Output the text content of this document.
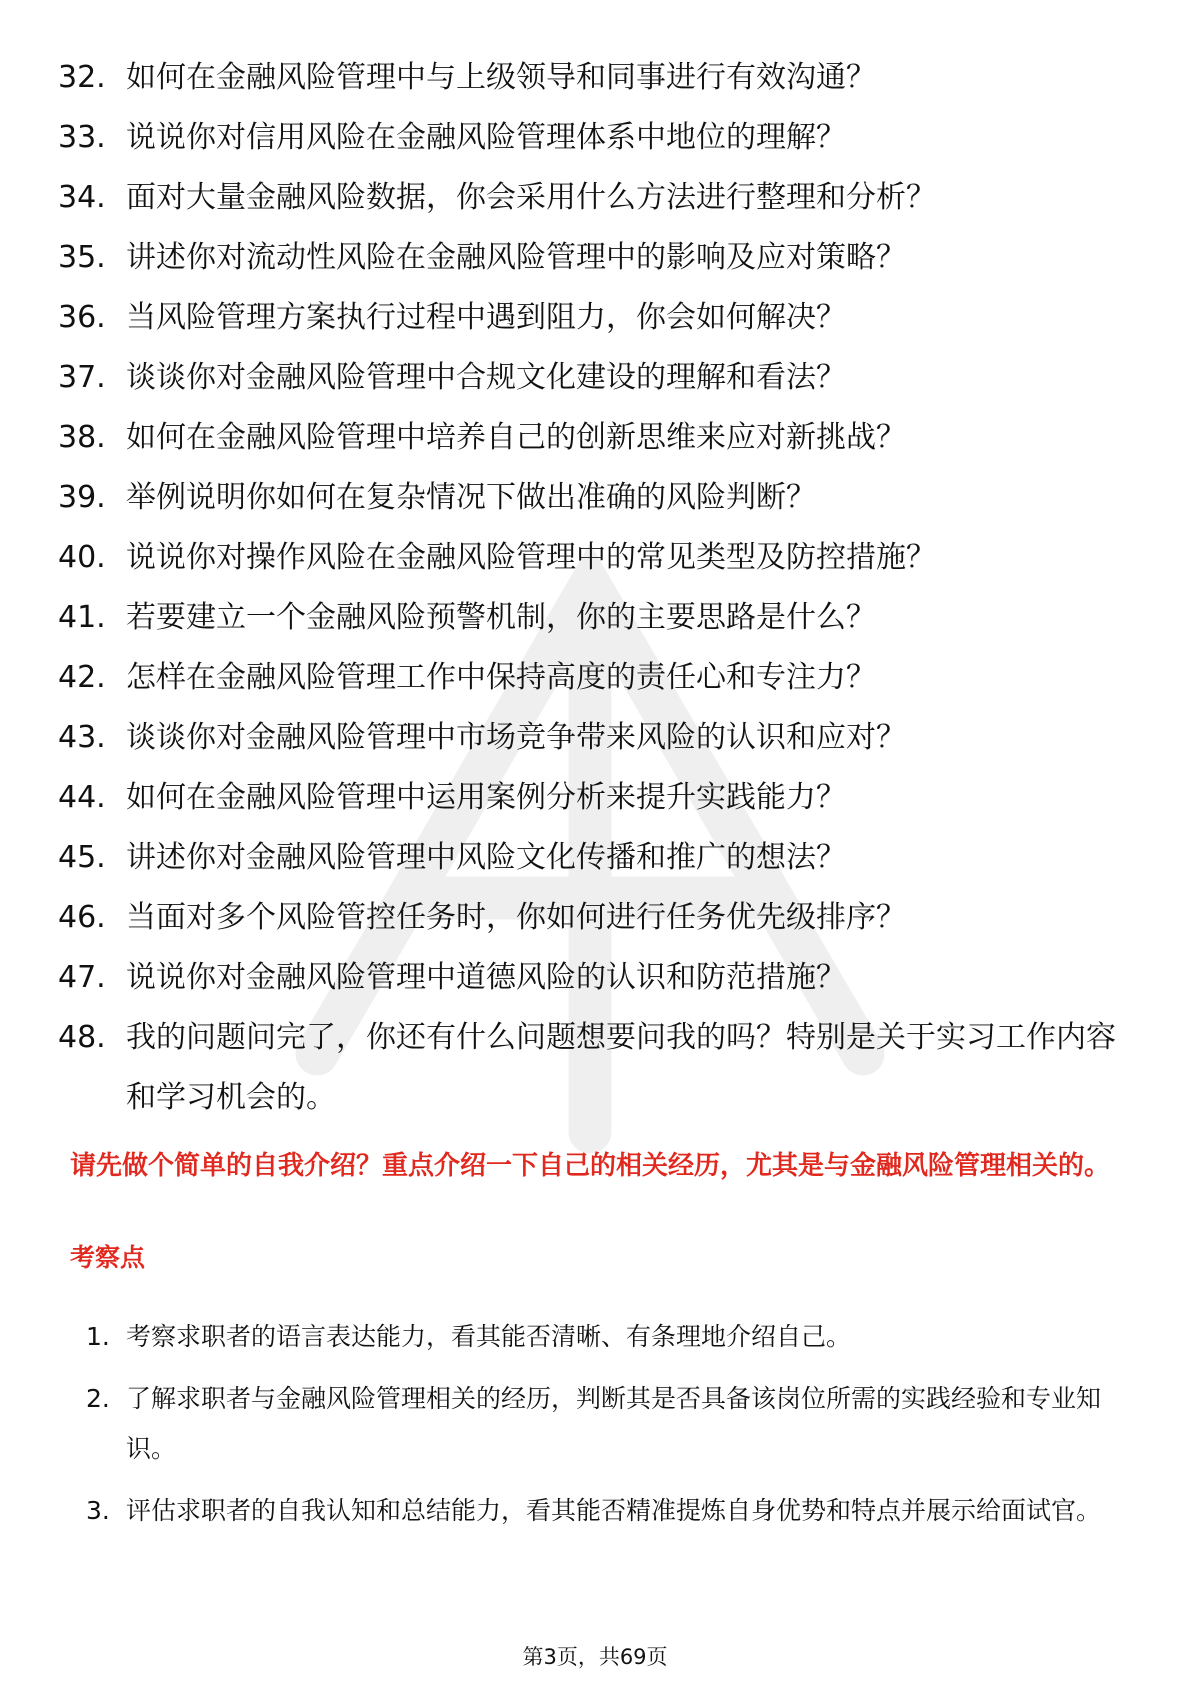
32. 如何在金融风险管理中与上级领导和同事进行有效沟通？
33. 说说你对信用风险在金融风险管理体系中地位的理解？
34. 面对大量金融风险数据，你会采用什么方法进行整理和分析？
35. 讲述你对流动性风险在金融风险管理中的影响及应对策略？
36. 当风险管理方案执行过程中遇到阻力，你会如何解决？
37. 谈谈你对金融风险管理中合规文化建设的理解和看法？
38. 如何在金融风险管理中培养自己的创新思维来应对新挑战？
39. 举例说明你如何在复杂情况下做出准确的风险判断？
40. 说说你对操作风险在金融风险管理中的常见类型及防控措施？
41. 若要建立一个金融风险预警机制，你的主要思路是什么？
42. 怎样在金融风险管理工作中保持高度的责任心和专注力？
43. 谈谈你对金融风险管理中市场竞争带来风险的认识和应对？
44. 如何在金融风险管理中运用案例分析来提升实践能力？
45. 讲述你对金融风险管理中风险文化传播和推广的想法？
46. 当面对多个风险管控任务时，你如何进行任务优先级排序？
47. 说说你对金融风险管理中道德风险的认识和防范措施？
48. 我的问题问完了，你还有什么问题想要问我的吗？特别是关于实习工作内容和学习机会的。

请先做个简单的自我介绍？重点介绍一下自己的相关经历，尤其是与金融风险管理相关的。

考察点
1. 考察求职者的语言表达能力，看其能否清晰、有条理地介绍自己。
2. 了解求职者与金融风险管理相关的经历，判断其是否具备该岗位所需的实践经验和专业知识。
3. 评估求职者的自我认知和总结能力，看其能否精准提炼自身优势和特点并展示给面试官。
第3页，共69页
